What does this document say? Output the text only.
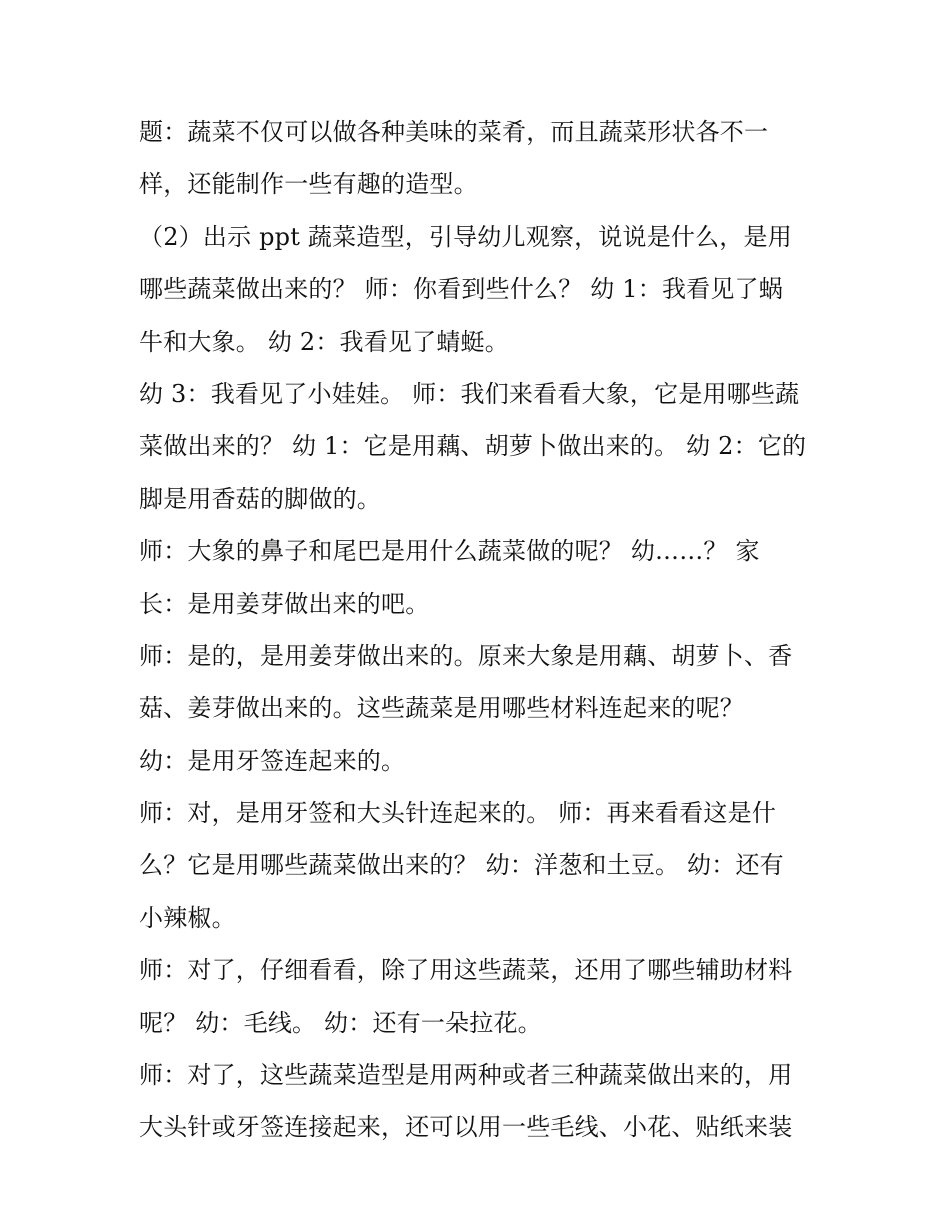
题：蔬菜不仅可以做各种美味的菜肴，而且蔬菜形状各不一
样，还能制作一些有趣的造型。
（2）出示 ppt 蔬菜造型，引导幼儿观察，说说是什么，是用
哪些蔬菜做出来的？ 师：你看到些什么？ 幼 1：我看见了蜗
牛和大象。 幼 2：我看见了蜻蜓。
幼 3：我看见了小娃娃。 师：我们来看看大象，它是用哪些蔬
菜做出来的？ 幼 1：它是用藕、胡萝卜做出来的。 幼 2：它的
脚是用香菇的脚做的。
师：大象的鼻子和尾巴是用什么蔬菜做的呢？ 幼……？ 家
长：是用姜芽做出来的吧。
师：是的，是用姜芽做出来的。原来大象是用藕、胡萝卜、香
菇、姜芽做出来的。这些蔬菜是用哪些材料连起来的呢？
幼：是用牙签连起来的。
师：对，是用牙签和大头针连起来的。 师：再来看看这是什
么？它是用哪些蔬菜做出来的？ 幼：洋葱和土豆。 幼：还有
小辣椒。
师：对了，仔细看看，除了用这些蔬菜，还用了哪些辅助材料
呢？ 幼：毛线。 幼：还有一朵拉花。
师：对了，这些蔬菜造型是用两种或者三种蔬菜做出来的，用
大头针或牙签连接起来，还可以用一些毛线、小花、贴纸来装
